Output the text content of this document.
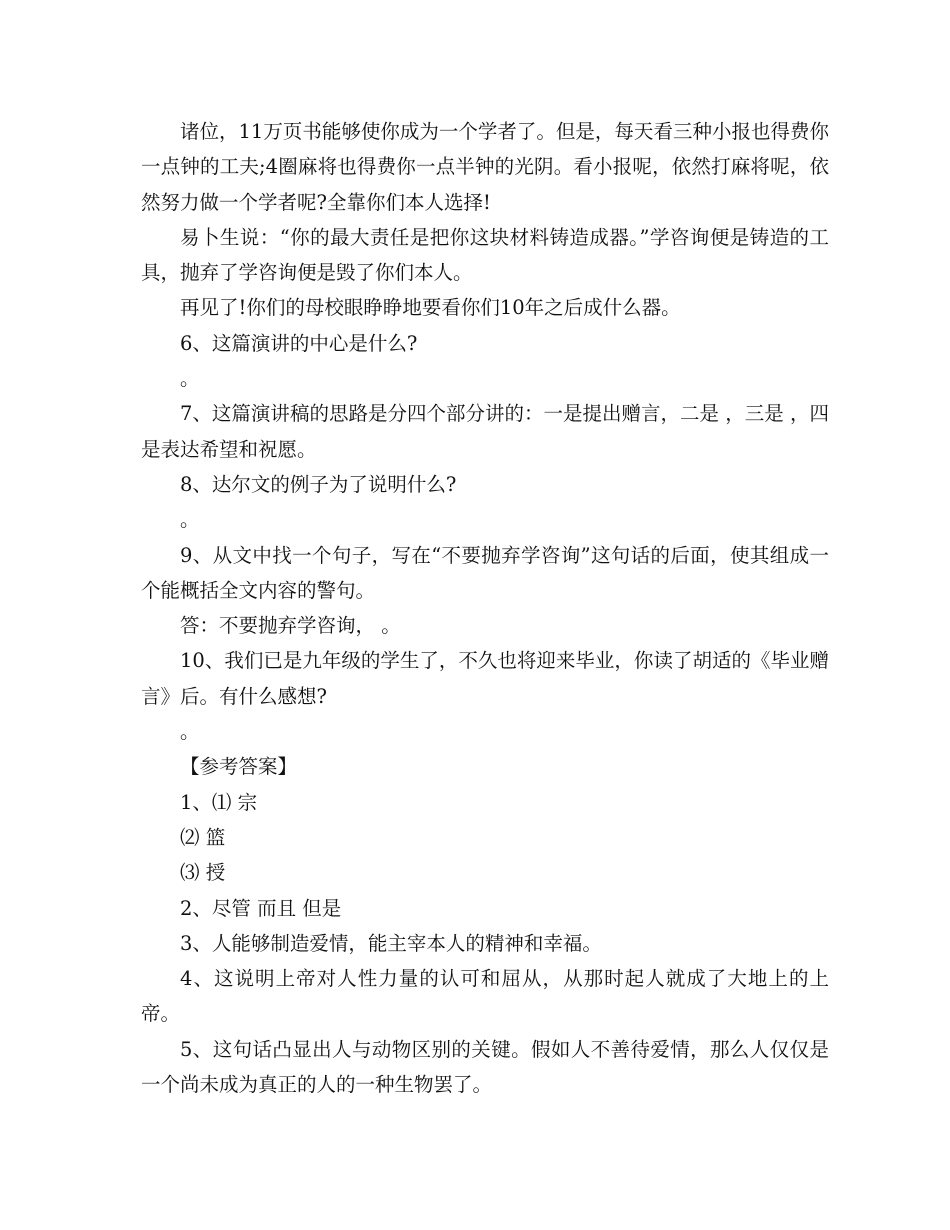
诸位，11万页书能够使你成为一个学者了。但是，每天看三种小报也得费你一点钟的工夫;4圈麻将也得费你一点半钟的光阴。看小报呢，依然打麻将呢，依然努力做一个学者呢?全靠你们本人选择!

易卜生说：“你的最大责任是把你这块材料铸造成器。”学咨询便是铸造的工具，抛弃了学咨询便是毁了你们本人。

再见了!你们的母校眼睁睁地要看你们10年之后成什么器。

6、这篇演讲的中心是什么?

。

7、这篇演讲稿的思路是分四个部分讲的：一是提出赠言，二是 ，三是 ，四是表达希望和祝愿。

8、达尔文的例子为了说明什么?

。

9、从文中找一个句子，写在“不要抛弃学咨询”这句话的后面，使其组成一个能概括全文内容的警句。

答：不要抛弃学咨询， 。

10、我们已是九年级的学生了，不久也将迎来毕业，你读了胡适的《毕业赠言》后。有什么感想?

。

【参考答案】

1、⑴ 宗

⑵ 篮

⑶ 授

2、尽管 而且 但是

3、人能够制造爱情，能主宰本人的精神和幸福。

4、这说明上帝对人性力量的认可和屈从，从那时起人就成了大地上的上帝。

5、这句话凸显出人与动物区别的关键。假如人不善待爱情，那么人仅仅是一个尚未成为真正的人的一种生物罢了。
